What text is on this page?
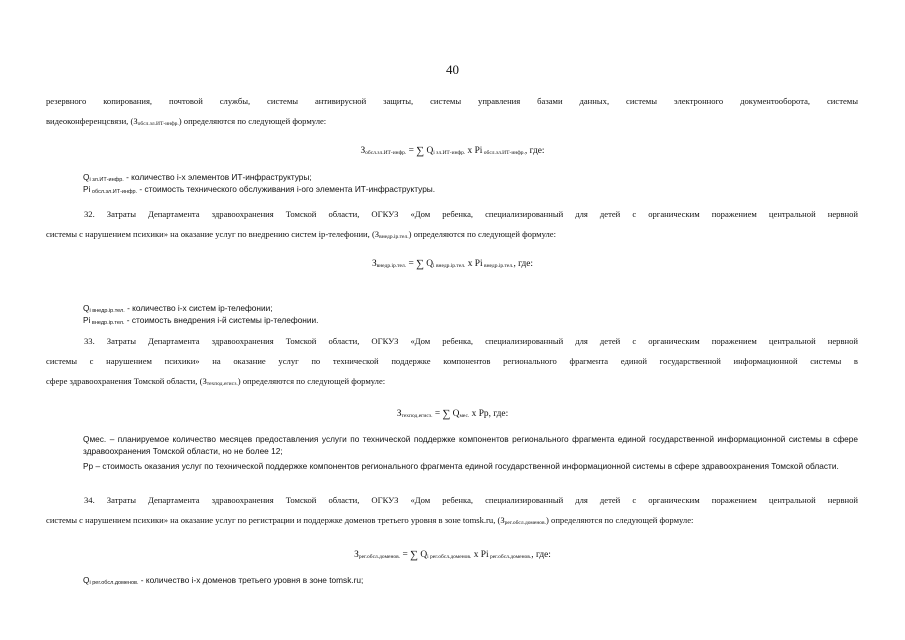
40
резервного копирования, почтовой службы, системы антивирусной защиты, системы управления базами данных, системы электронного документооборота, системы
видеоконференцсвязи, $(З_{обсл.зл.ИТ-инфр.})$ определяются по следующей формуле:
$З_{обсл.зл.ИТ-инфр.}$ = ∑ $Q_{i зл.ИТ-инфр.}$ x Pi $_{обсл.зл.ИТ-инфр.}$, где:
$Q_{i зл.ИТ-инфр.}$ - количество i-х элементов ИТ-инфраструктуры;
Pi $_{обсл.зл.ИТ-инфр.}$ - стоимость технического обслуживания i-ого элемента ИТ-инфраструктуры.
32. Затраты Департамента здравоохранения Томской области, ОГКУЗ «Дом ребенка, специализированный для детей с органическим поражением центральной нервной
системы с нарушением психики» на оказание услуг по внедрению систем ip-телефонии, $(З_{внедр.iр.тел.})$ определяются по следующей формуле:
$З_{внедр.iр.тел.}$ = ∑ $Q_{i внедр.iр.тел.}$ x Pi $_{внедр.iр.тел.}$, где:
$Q_{i внедр.iр.тел.}$ - количество i-х систем ip-телефонии;
Pi $_{внедр.iр.тел.}$ - стоимость внедрения i-й системы ip-телефонии.
33. Затраты Департамента здравоохранения Томской области, ОГКУЗ «Дом ребенка, специализированный для детей с органическим поражением центральной нервной
системы с нарушением психики» на оказание услуг по технической поддержке компонентов регионального фрагмента единой государственной информационной системы в
сфере здравоохранения Томской области, $(З_{техпод.егисз.})$ определяются по следующей формуле:
$З_{техпод.егисз.}$ = ∑ $Q_{мес.}$ x Pp, где:
Qмес. – планируемое количество месяцев предоставления услуги по технической поддержке компонентов регионального фрагмента единой государственной информационной системы в сфере здравоохранения Томской области, но не более 12;
Pp – стоимость оказания услуг по технической поддержке компонентов регионального фрагмента единой государственной информационной системы в сфере здравоохранения Томской области.
34. Затраты Департамента здравоохранения Томской области, ОГКУЗ «Дом ребенка, специализированный для детей с органическим поражением центральной нервной
системы с нарушением психики» на оказание услуг по регистрации и поддержке доменов третьего уровня в зоне tomsk.ru, $(З_{рег.обсл.доменов.})$ определяются по следующей формуле:
$З_{рег.обсл.доменов.}$ = ∑ $Q_{i рег.обсл.доменов.}$ x Pi $_{рег.обсл.доменов.}$, где:
$Q_{i рег.обсл.доменов.}$ - количество i-х доменов третьего уровня в зоне tomsk.ru;
